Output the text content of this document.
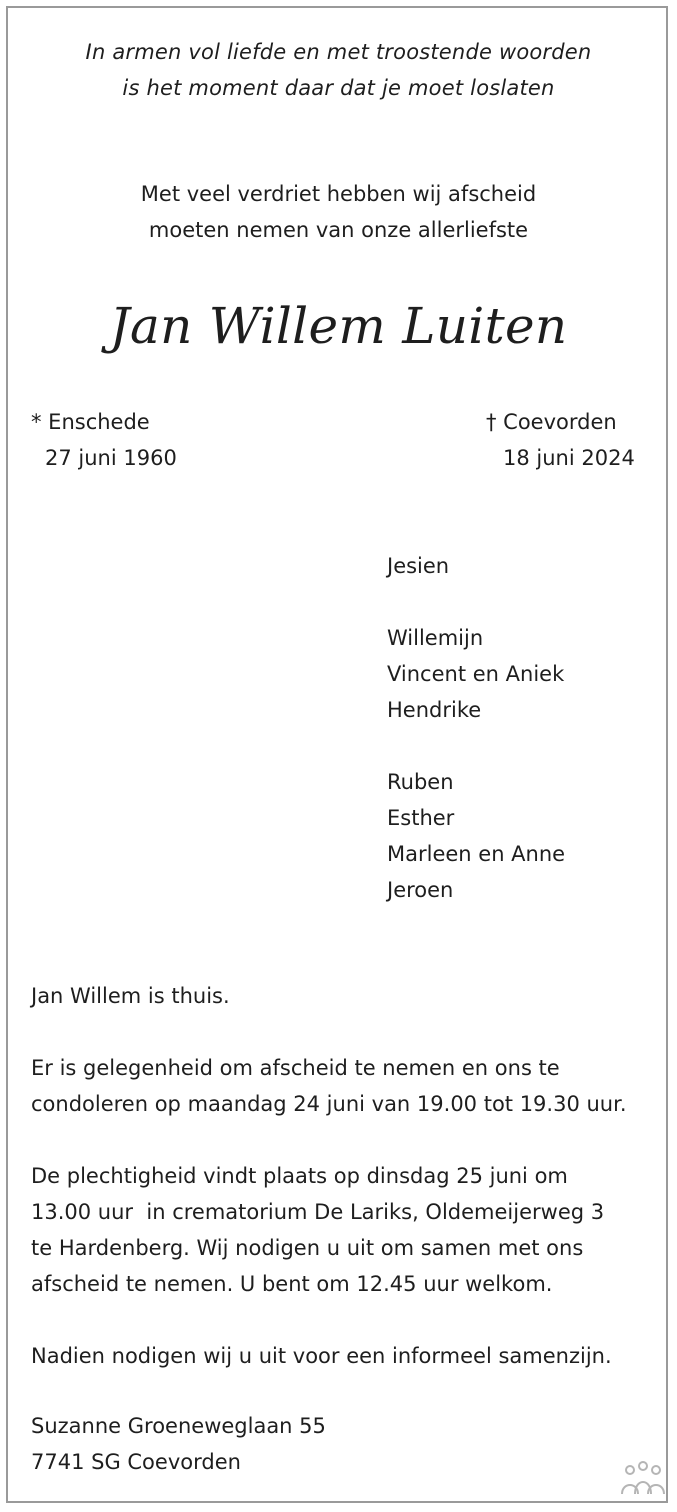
In armen vol liefde en met troostende woorden
is het moment daar dat je moet loslaten
Met veel verdriet hebben wij afscheid
moeten nemen van onze allerliefste
Jan Willem Luiten
* Enschede
27 juni 1960
† Coevorden
18 juni 2024
Jesien
Willemijn
Vincent en Aniek
Hendrike
Ruben
Esther
Marleen en Anne
Jeroen
Jan Willem is thuis.
Er is gelegenheid om afscheid te nemen en ons te
condoleren op maandag 24 juni van 19.00 tot 19.30 uur.
De plechtigheid vindt plaats op dinsdag 25 juni om
13.00 uur  in crematorium De Lariks, Oldemeijerweg 3
te Hardenberg. Wij nodigen u uit om samen met ons
afscheid te nemen. U bent om 12.45 uur welkom.
Nadien nodigen wij u uit voor een informeel samenzijn.
Suzanne Groeneweglaan 55
7741 SG Coevorden
